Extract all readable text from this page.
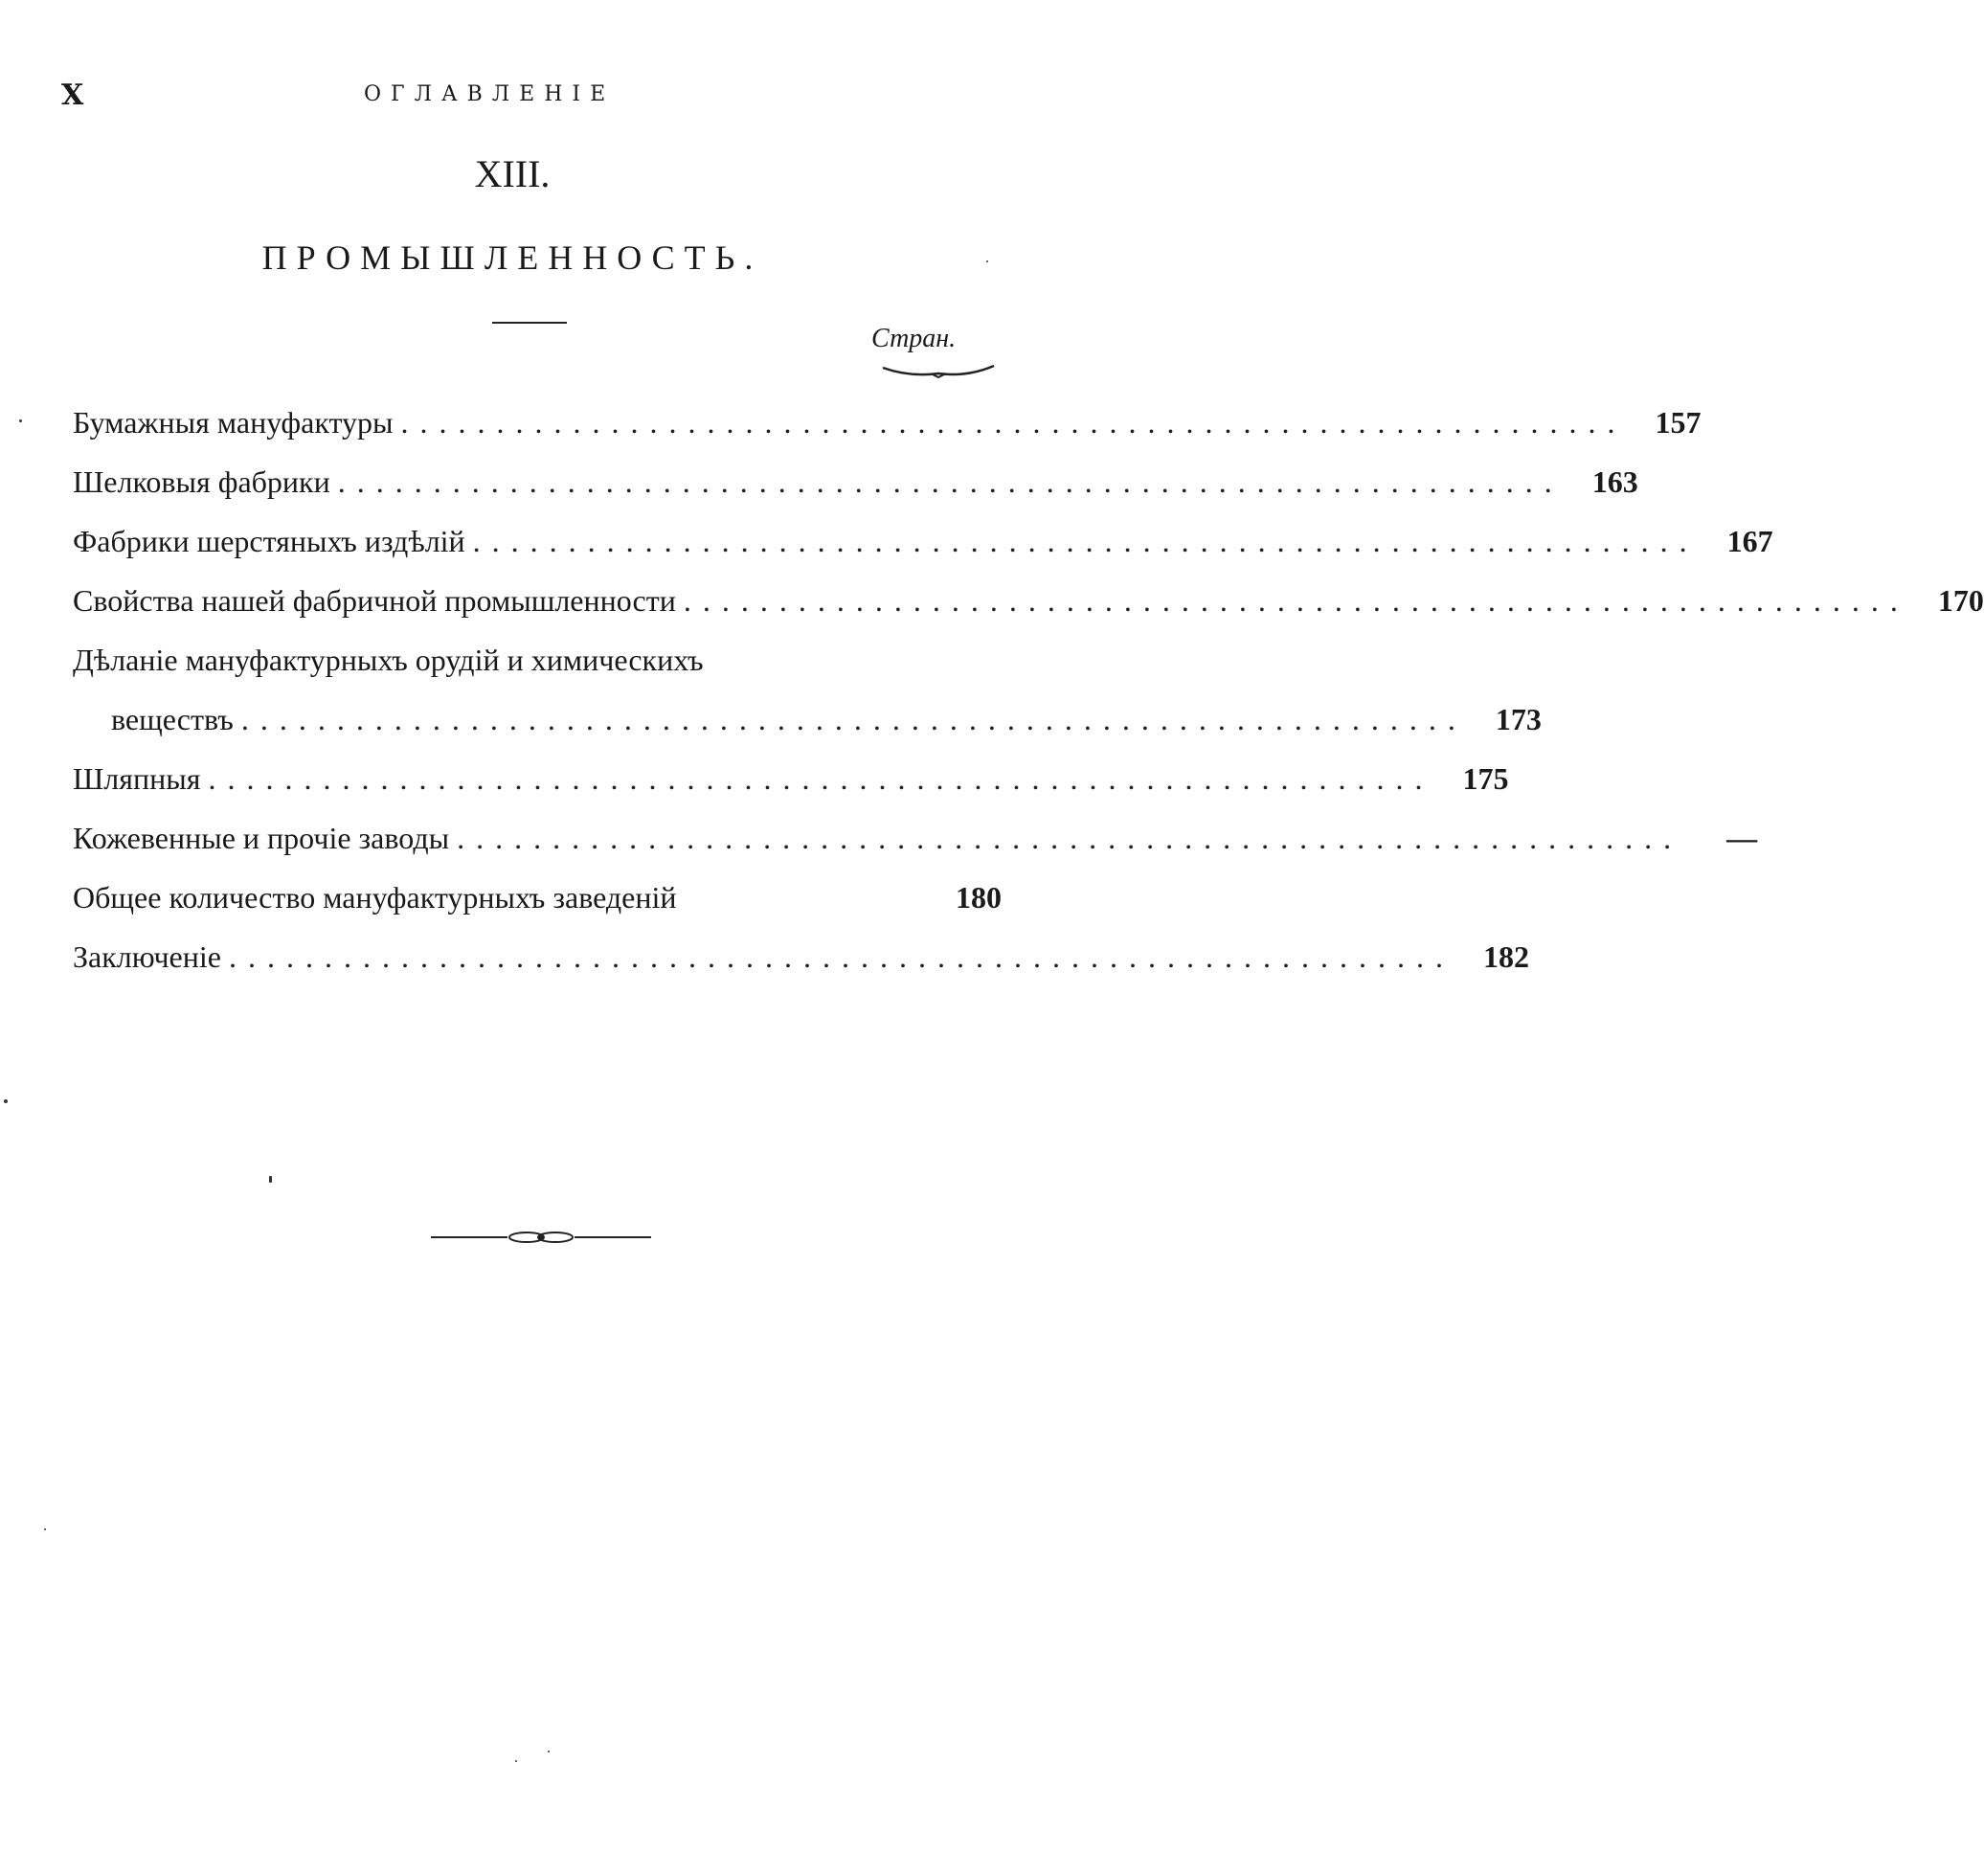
X	ОГЛАВЛЕНІЕ
XIII.
ПРОМЫШЛЕННОСТЬ.
Стран.
Бумажныя мануфактуры ................................................................ 157
Шелковыя фабрики ................................................................ 163
Фабрики шерстяныхъ издѣлій ................................................................ 167
Свойства нашей фабричной промышленности ................................................................ 170
Дѣланіе мануфактурныхъ орудій и химическихъ
веществъ ................................................................ 173
Шляпныя ................................................................ 175
Кожевенные и прочіе заводы ................................................................	—
Общее количество мануфактурныхъ заведеній	180
Заключеніе ................................................................ 182
